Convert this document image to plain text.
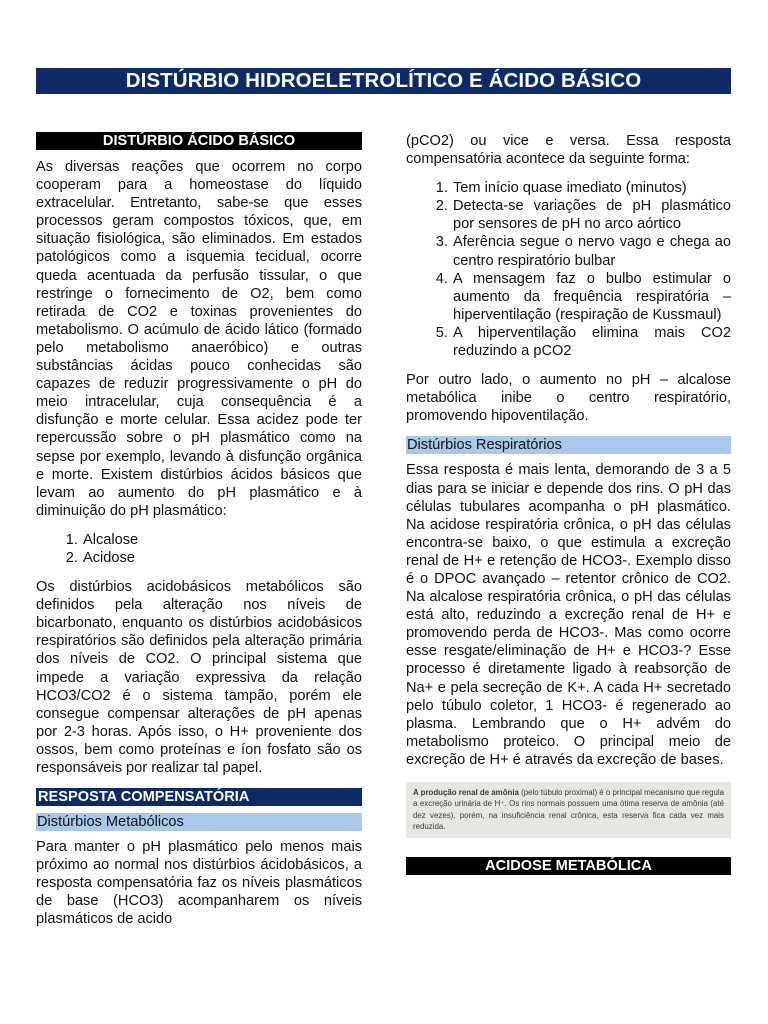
DISTÚRBIO HIDROELETROLÍTICO E ÁCIDO BÁSICO
DISTÚRBIO ÁCIDO BÁSICO

As diversas reações que ocorrem no corpo cooperam para a homeostase do líquido extracelular. Entretanto, sabe-se que esses processos geram compostos tóxicos, que, em situação fisiológica, são eliminados. Em estados patológicos como a isquemia tecidual, ocorre queda acentuada da perfusão tissular, o que restringe o fornecimento de O2, bem como retirada de CO2 e toxinas provenientes do metabolismo. O acúmulo de ácido lático (formado pelo metabolismo anaeróbico) e outras substâncias ácidas pouco conhecidas são capazes de reduzir progressivamente o pH do meio intracelular, cuja consequência é a disfunção e morte celular. Essa acidez pode ter repercussão sobre o pH plasmático como na sepse por exemplo, levando à disfunção orgânica e morte. Existem distúrbios ácidos básicos que levam ao aumento do pH plasmático e à diminuição do pH plasmático:

1. Alcalose
2. Acidose

Os distúrbios acidobásicos metabólicos são definidos pela alteração nos níveis de bicarbonato, enquanto os distúrbios acidobásicos respiratórios são definidos pela alteração primária dos níveis de CO2. O principal sistema que impede a variação expressiva da relação HCO3/CO2 é o sistema tampão, porém ele consegue compensar alterações de pH apenas por 2-3 horas. Após isso, o H+ proveniente dos ossos, bem como proteínas e íon fosfato são os responsáveis por realizar tal papel.

RESPOSTA COMPENSATÓRIA
Distúrbios Metabólicos

Para manter o pH plasmático pelo menos mais próximo ao normal nos distúrbios ácidobásicos, a resposta compensatória faz os níveis plasmáticos de base (HCO3) acompanharem os níveis plasmáticos de acido

(pCO2) ou vice e versa. Essa resposta compensatória acontece da seguinte forma:

1. Tem início quase imediato (minutos)
2. Detecta-se variações de pH plasmático por sensores de pH no arco aórtico
3. Aferência segue o nervo vago e chega ao centro respiratório bulbar
4. A mensagem faz o bulbo estimular o aumento da frequência respiratória – hiperventilação (respiração de Kussmaul)
5. A hiperventilação elimina mais CO2 reduzindo a pCO2

Por outro lado, o aumento no pH – alcalose metabólica inibe o centro respiratório, promovendo hipoventilação.

Distúrbios Respiratórios

Essa resposta é mais lenta, demorando de 3 a 5 dias para se iniciar e depende dos rins. O pH das células tubulares acompanha o pH plasmático. Na acidose respiratória crônica, o pH das células encontra-se baixo, o que estimula a excreção renal de H+ e retenção de HCO3-. Exemplo disso é o DPOC avançado – retentor crônico de CO2. Na alcalose respiratória crônica, o pH das células está alto, reduzindo a excreção renal de H+ e promovendo perda de HCO3-. Mas como ocorre esse resgate/eliminação de H+ e HCO3-? Esse processo é diretamente ligado à reabsorção de Na+ e pela secreção de K+. A cada H+ secretado pelo túbulo coletor, 1 HCO3- é regenerado ao plasma. Lembrando que o H+ advém do metabolismo proteico. O principal meio de excreção de H+ é através da excreção de bases.

A produção renal de amônia (pelo túbulo proximal) é o principal mecanismo que regula a excreção urinária de H⁺. Os rins normais possuem uma ótima reserva de amônia (até dez vezes), porém, na insuficiência renal crônica, esta reserva fica cada vez mais reduzida.
ACIDOSE METABÓLICA
